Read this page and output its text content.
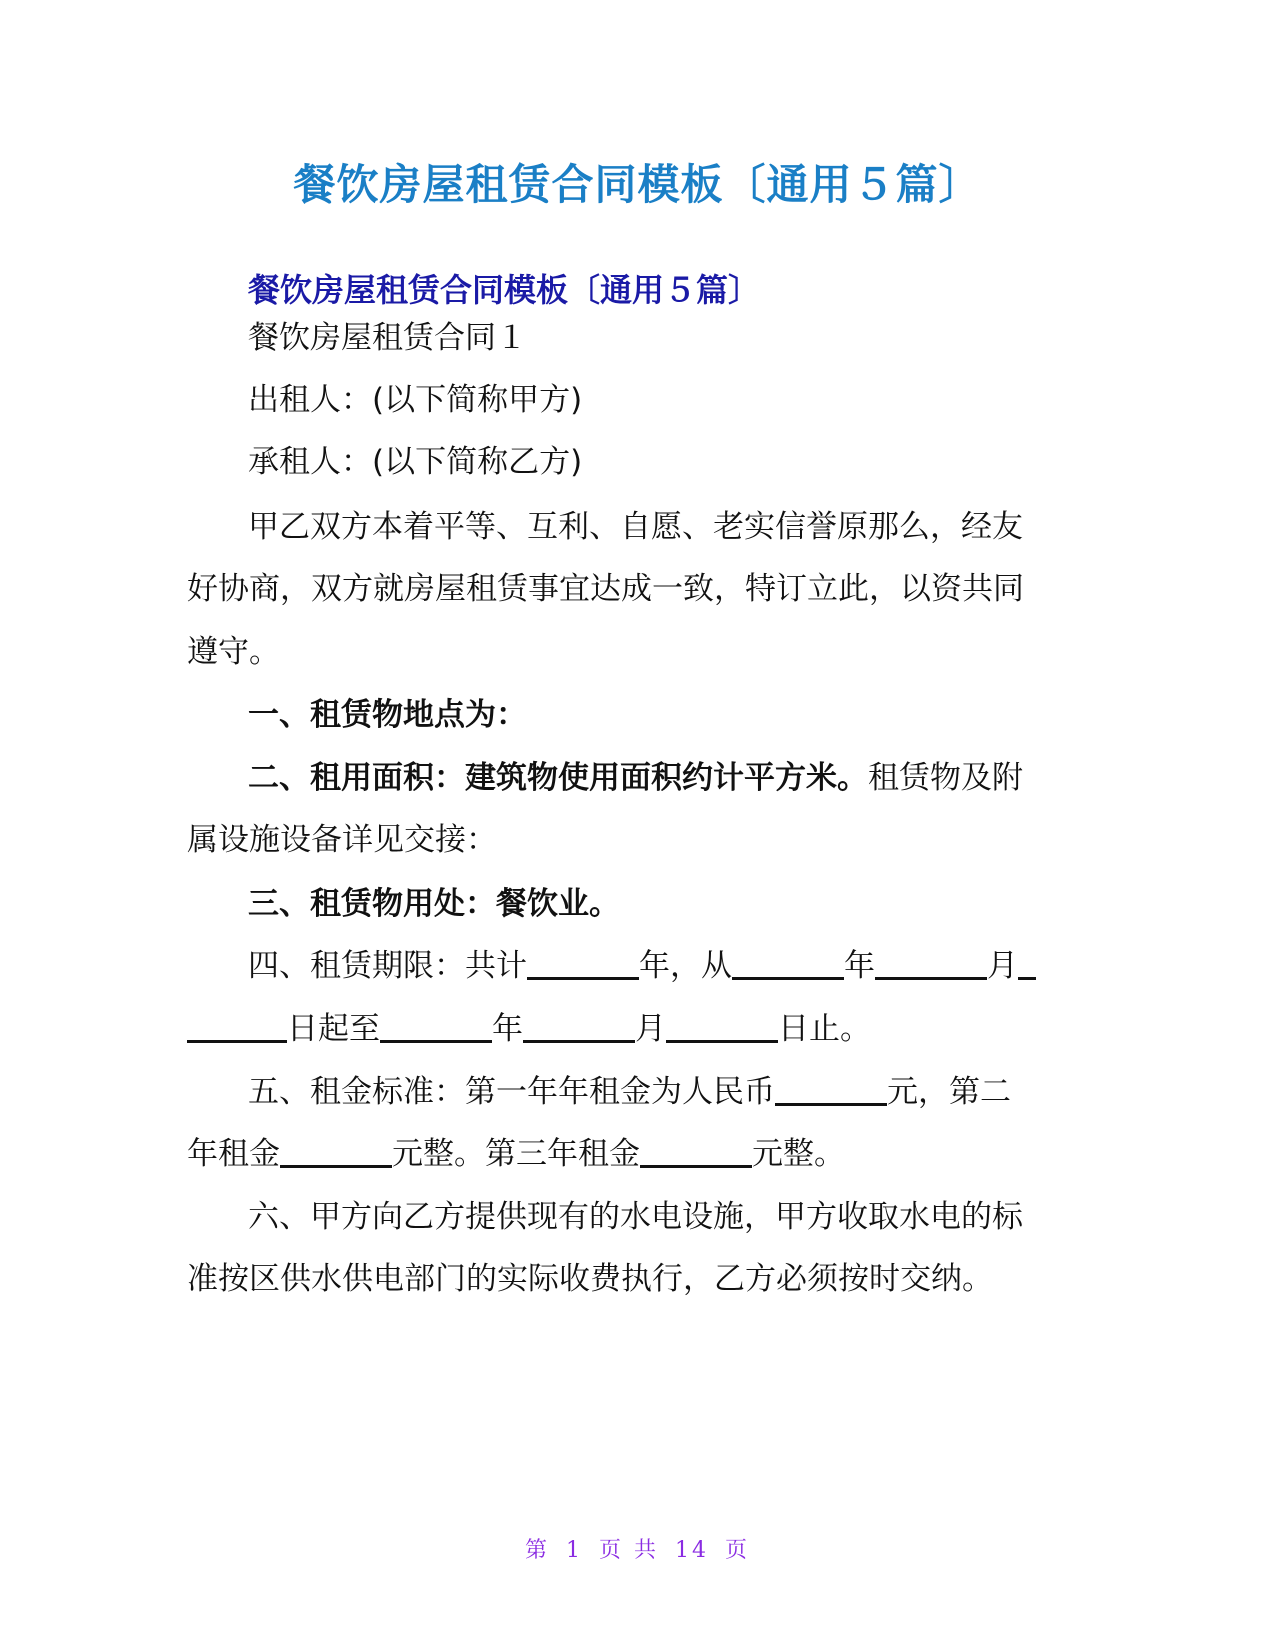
餐饮房屋租赁合同模板〔通用５篇〕
餐饮房屋租赁合同模板〔通用５篇〕
餐饮房屋租赁合同１
出租人：(以下简称甲方)
承租人：(以下简称乙方)
甲乙双方本着平等、互利、自愿、老实信誉原那么，经友
好协商，双方就房屋租赁事宜达成一致，特订立此，以资共同
遵守。
一、租赁物地点为：
二、租用面积：建筑物使用面积约计平方米。租赁物及附
属设施设备详见交接：
三、租赁物用处：餐饮业。
四、租赁期限：共计	年，从	年	月
日起至	年	月	日止。
五、租金标准：第一年年租金为人民币	元，第二
年租金	元整。第三年租金	元整。
六、甲方向乙方提供现有的水电设施，甲方收取水电的标
准按区供水供电部门的实际收费执行，乙方必须按时交纳。
第 1 页 共 14 页
